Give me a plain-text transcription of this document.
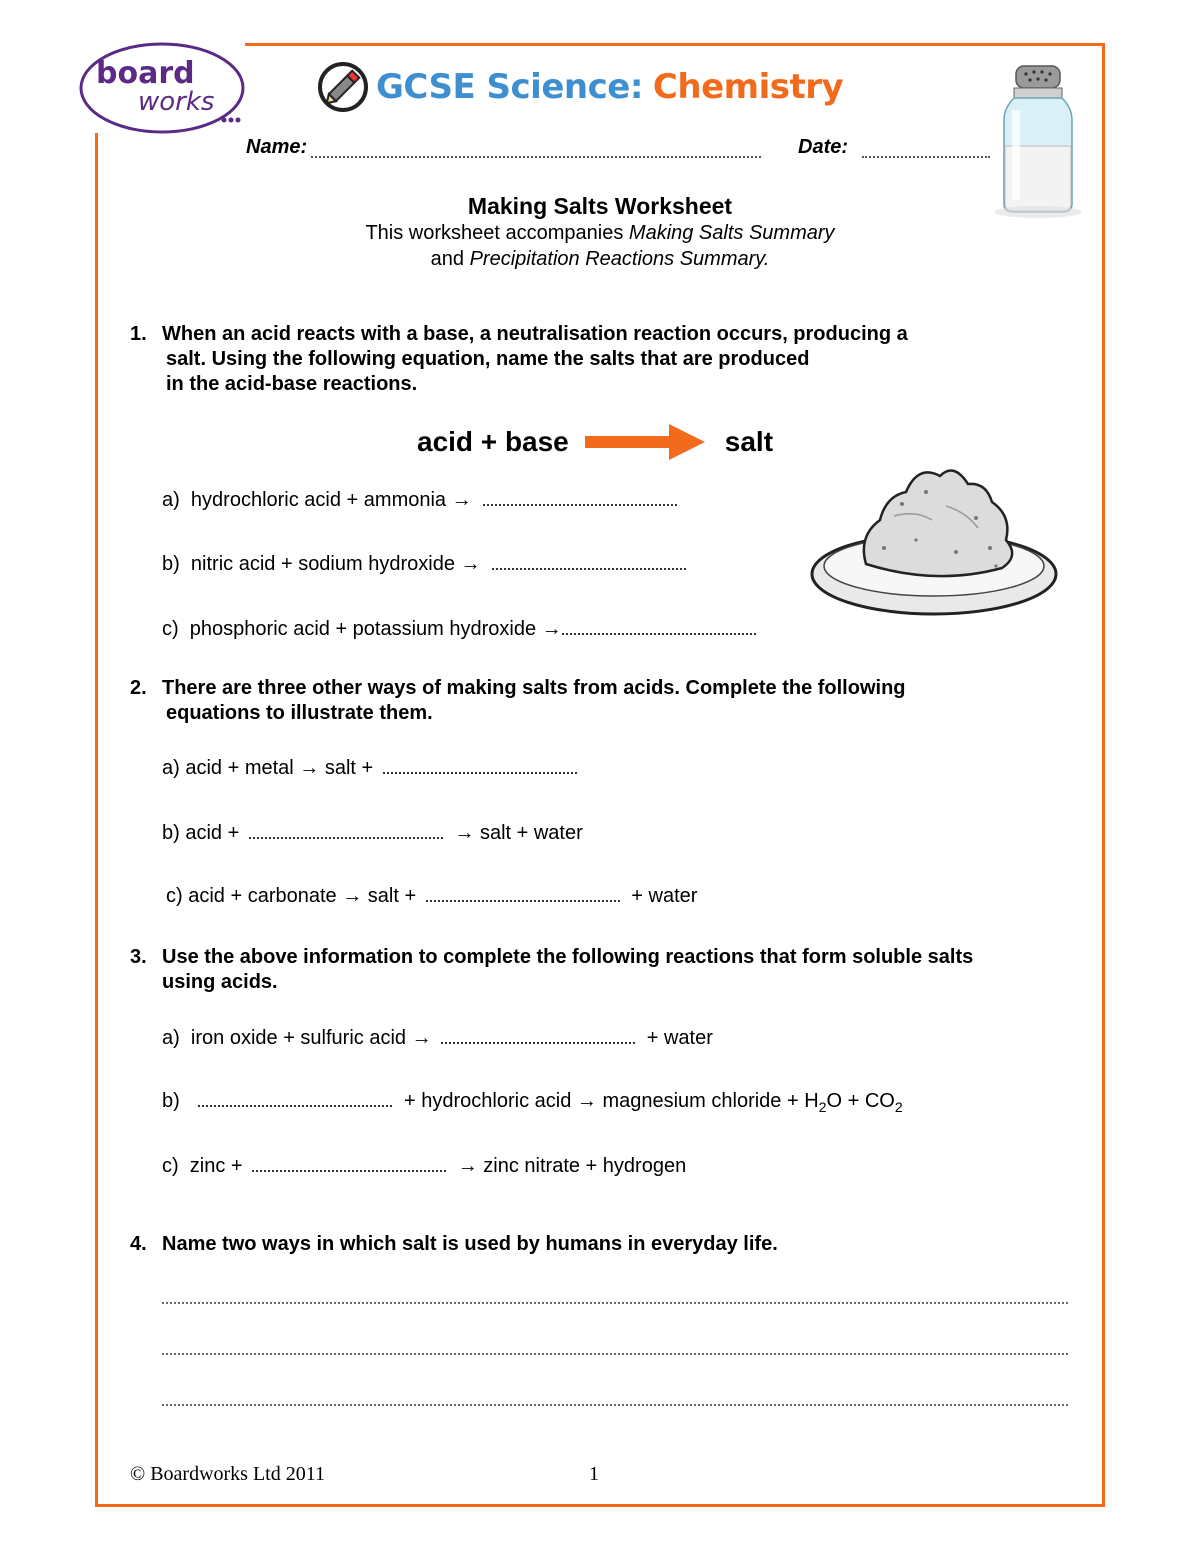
board
works	GCSE Science: Chemistry
Name:	Date:
Making Salts Worksheet
This worksheet accompanies Making Salts Summary
and Precipitation Reactions Summary.
1. When an acid reacts with a base, a neutralisation reaction occurs, producing a
salt. Using the following equation, name the salts that are produced
in the acid-base reactions.
acid + base	salt
a) hydrochloric acid + ammonia →
b) nitric acid + sodium hydroxide →
c) phosphoric acid + potassium hydroxide →
2. There are three other ways of making salts from acids. Complete the following
equations to illustrate them.
a) acid + metal → salt +
b) acid +	→ salt + water
c) acid + carbonate → salt +	+ water
3. Use the above information to complete the following reactions that form soluble salts
using acids.
a) iron oxide + sulfuric acid →	+ water
b)	+ hydrochloric acid → magnesium chloride + $H_2O + CO_2$
c) zinc +	→ zinc nitrate + hydrogen
4. Name two ways in which salt is used by humans in everyday life.
© Boardworks Ltd 2011	1
